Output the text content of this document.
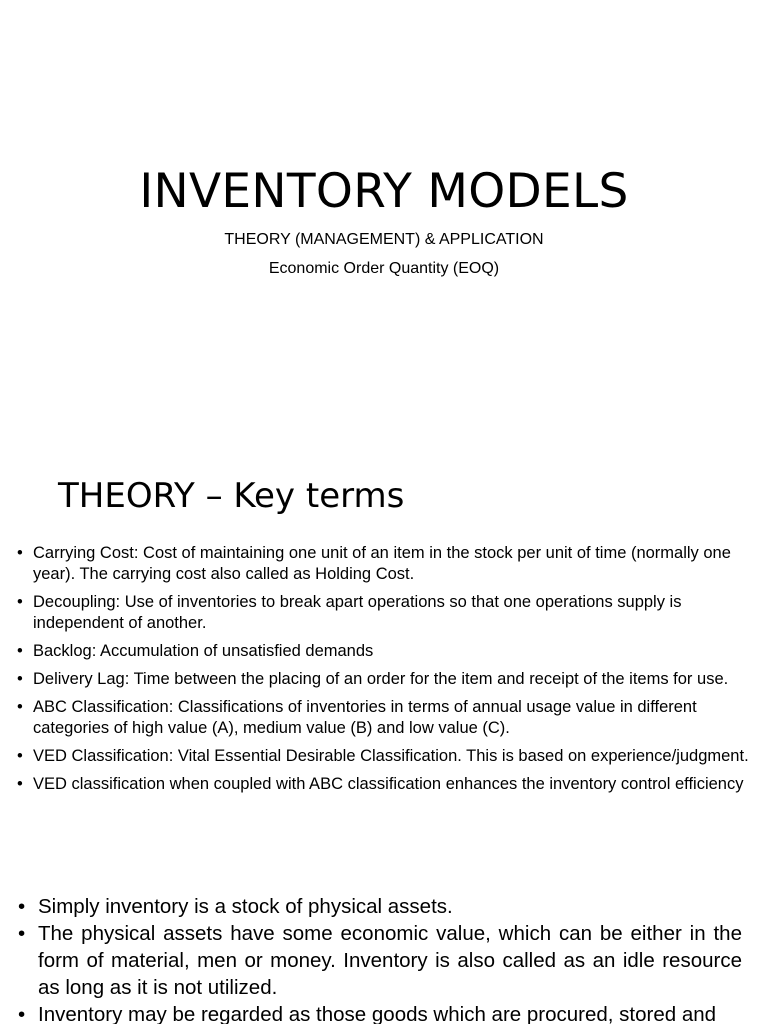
INVENTORY MODELS
THEORY (MANAGEMENT) & APPLICATION
Economic Order Quantity (EOQ)
THEORY – Key terms
• Carrying Cost: Cost of maintaining one unit of an item in the stock per unit of time (normally one year). The carrying cost also called as Holding Cost.
• Decoupling: Use of inventories to break apart operations so that one operations supply is independent of another.
• Backlog: Accumulation of unsatisfied demands
• Delivery Lag: Time between the placing of an order for the item and receipt of the items for use.
• ABC Classification: Classifications of inventories in terms of annual usage value in different categories of high value (A), medium value (B) and low value (C).
• VED Classification: Vital Essential Desirable Classification. This is based on experience/judgment.
• VED classification when coupled with ABC classification enhances the inventory control efficiency
• Simply inventory is a stock of physical assets.
• The physical assets have some economic value, which can be either in the form of material, men or money. Inventory is also called as an idle resource as long as it is not utilized.
• Inventory may be regarded as those goods which are procured, stored and
